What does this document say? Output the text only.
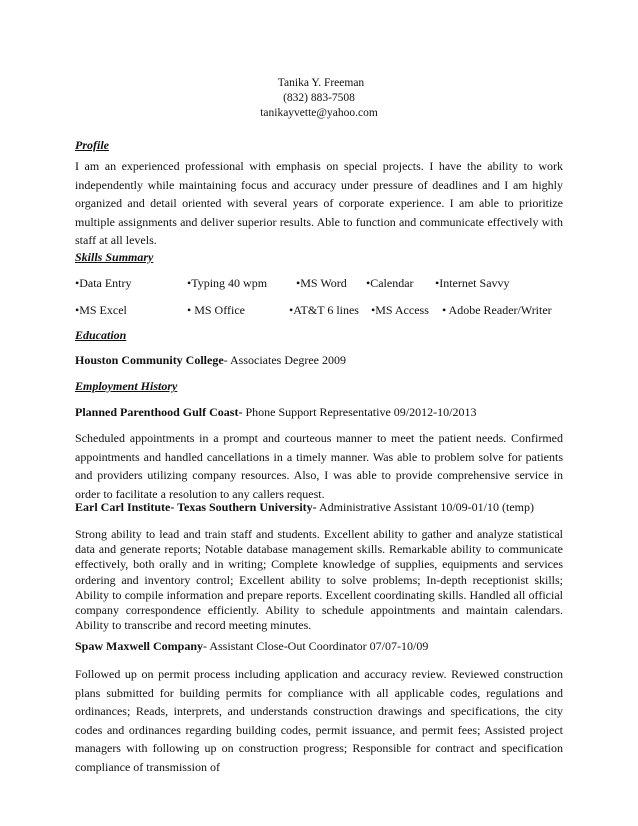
Tanika Y. Freeman
(832) 883-7508
tanikayvette@yahoo.com
Profile
I am an experienced professional with emphasis on special projects. I have the ability to work independently while maintaining focus and accuracy under pressure of deadlines and I am highly organized and detail oriented with several years of corporate experience. I am able to prioritize multiple assignments and deliver superior results. Able to function and communicate effectively with staff at all levels.
Skills Summary
•Data Entry	•Typing 40 wpm •MS Word •Calendar •Internet Savvy
•MS Excel	• MS Office	•AT&T 6 lines •MS Access • Adobe Reader/Writer
Education
Houston Community College- Associates Degree 2009
Employment History
Planned Parenthood Gulf Coast- Phone Support Representative 09/2012-10/2013
Scheduled appointments in a prompt and courteous manner to meet the patient needs. Confirmed appointments and handled cancellations in a timely manner. Was able to problem solve for patients and providers utilizing company resources. Also, I was able to provide comprehensive service in order to facilitate a resolution to any callers request.
Earl Carl Institute- Texas Southern University- Administrative Assistant 10/09-01/10 (temp)
Strong ability to lead and train staff and students. Excellent ability to gather and analyze statistical data and generate reports; Notable database management skills. Remarkable ability to communicate effectively, both orally and in writing; Complete knowledge of supplies, equipments and services ordering and inventory control; Excellent ability to solve problems; In-depth receptionist skills; Ability to compile information and prepare reports. Excellent coordinating skills. Handled all official company correspondence efficiently. Ability to schedule appointments and maintain calendars. Ability to transcribe and record meeting minutes.
Spaw Maxwell Company- Assistant Close-Out Coordinator 07/07-10/09
Followed up on permit process including application and accuracy review. Reviewed construction plans submitted for building permits for compliance with all applicable codes, regulations and ordinances; Reads, interprets, and understands construction drawings and specifications, the city codes and ordinances regarding building codes, permit issuance, and permit fees; Assisted project managers with following up on construction progress; Responsible for contract and specification compliance of transmission of
